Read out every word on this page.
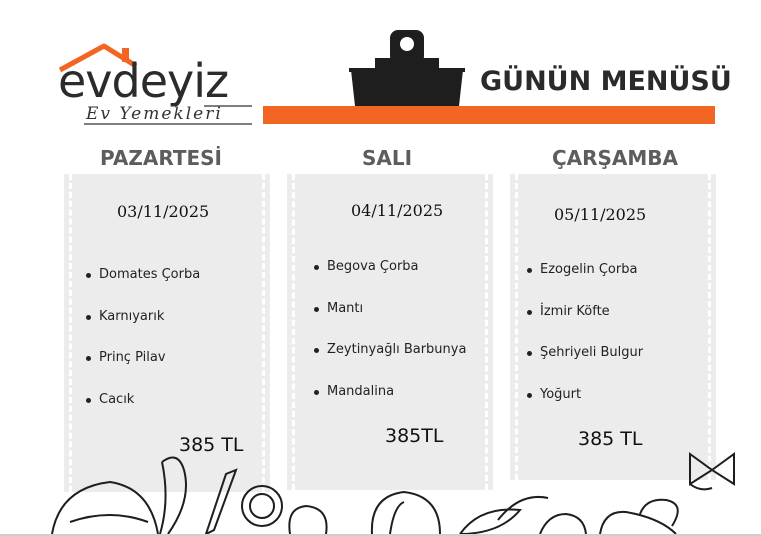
evdeyiz
Ev Yemekleri
GÜNÜN MENÜSÜ
PAZARTESİ	SALI	ÇARŞAMBA
03/11/2025
Domates Çorba
Karnıyarık
Prinç Pilav
Cacık
385 TL
04/11/2025
Begova Çorba
Mantı
Zeytinyağlı Barbunya
Mandalina
385TL
05/11/2025
Ezogelin Çorba
İzmir Köfte
Şehriyeli Bulgur
Yoğurt
385 TL
